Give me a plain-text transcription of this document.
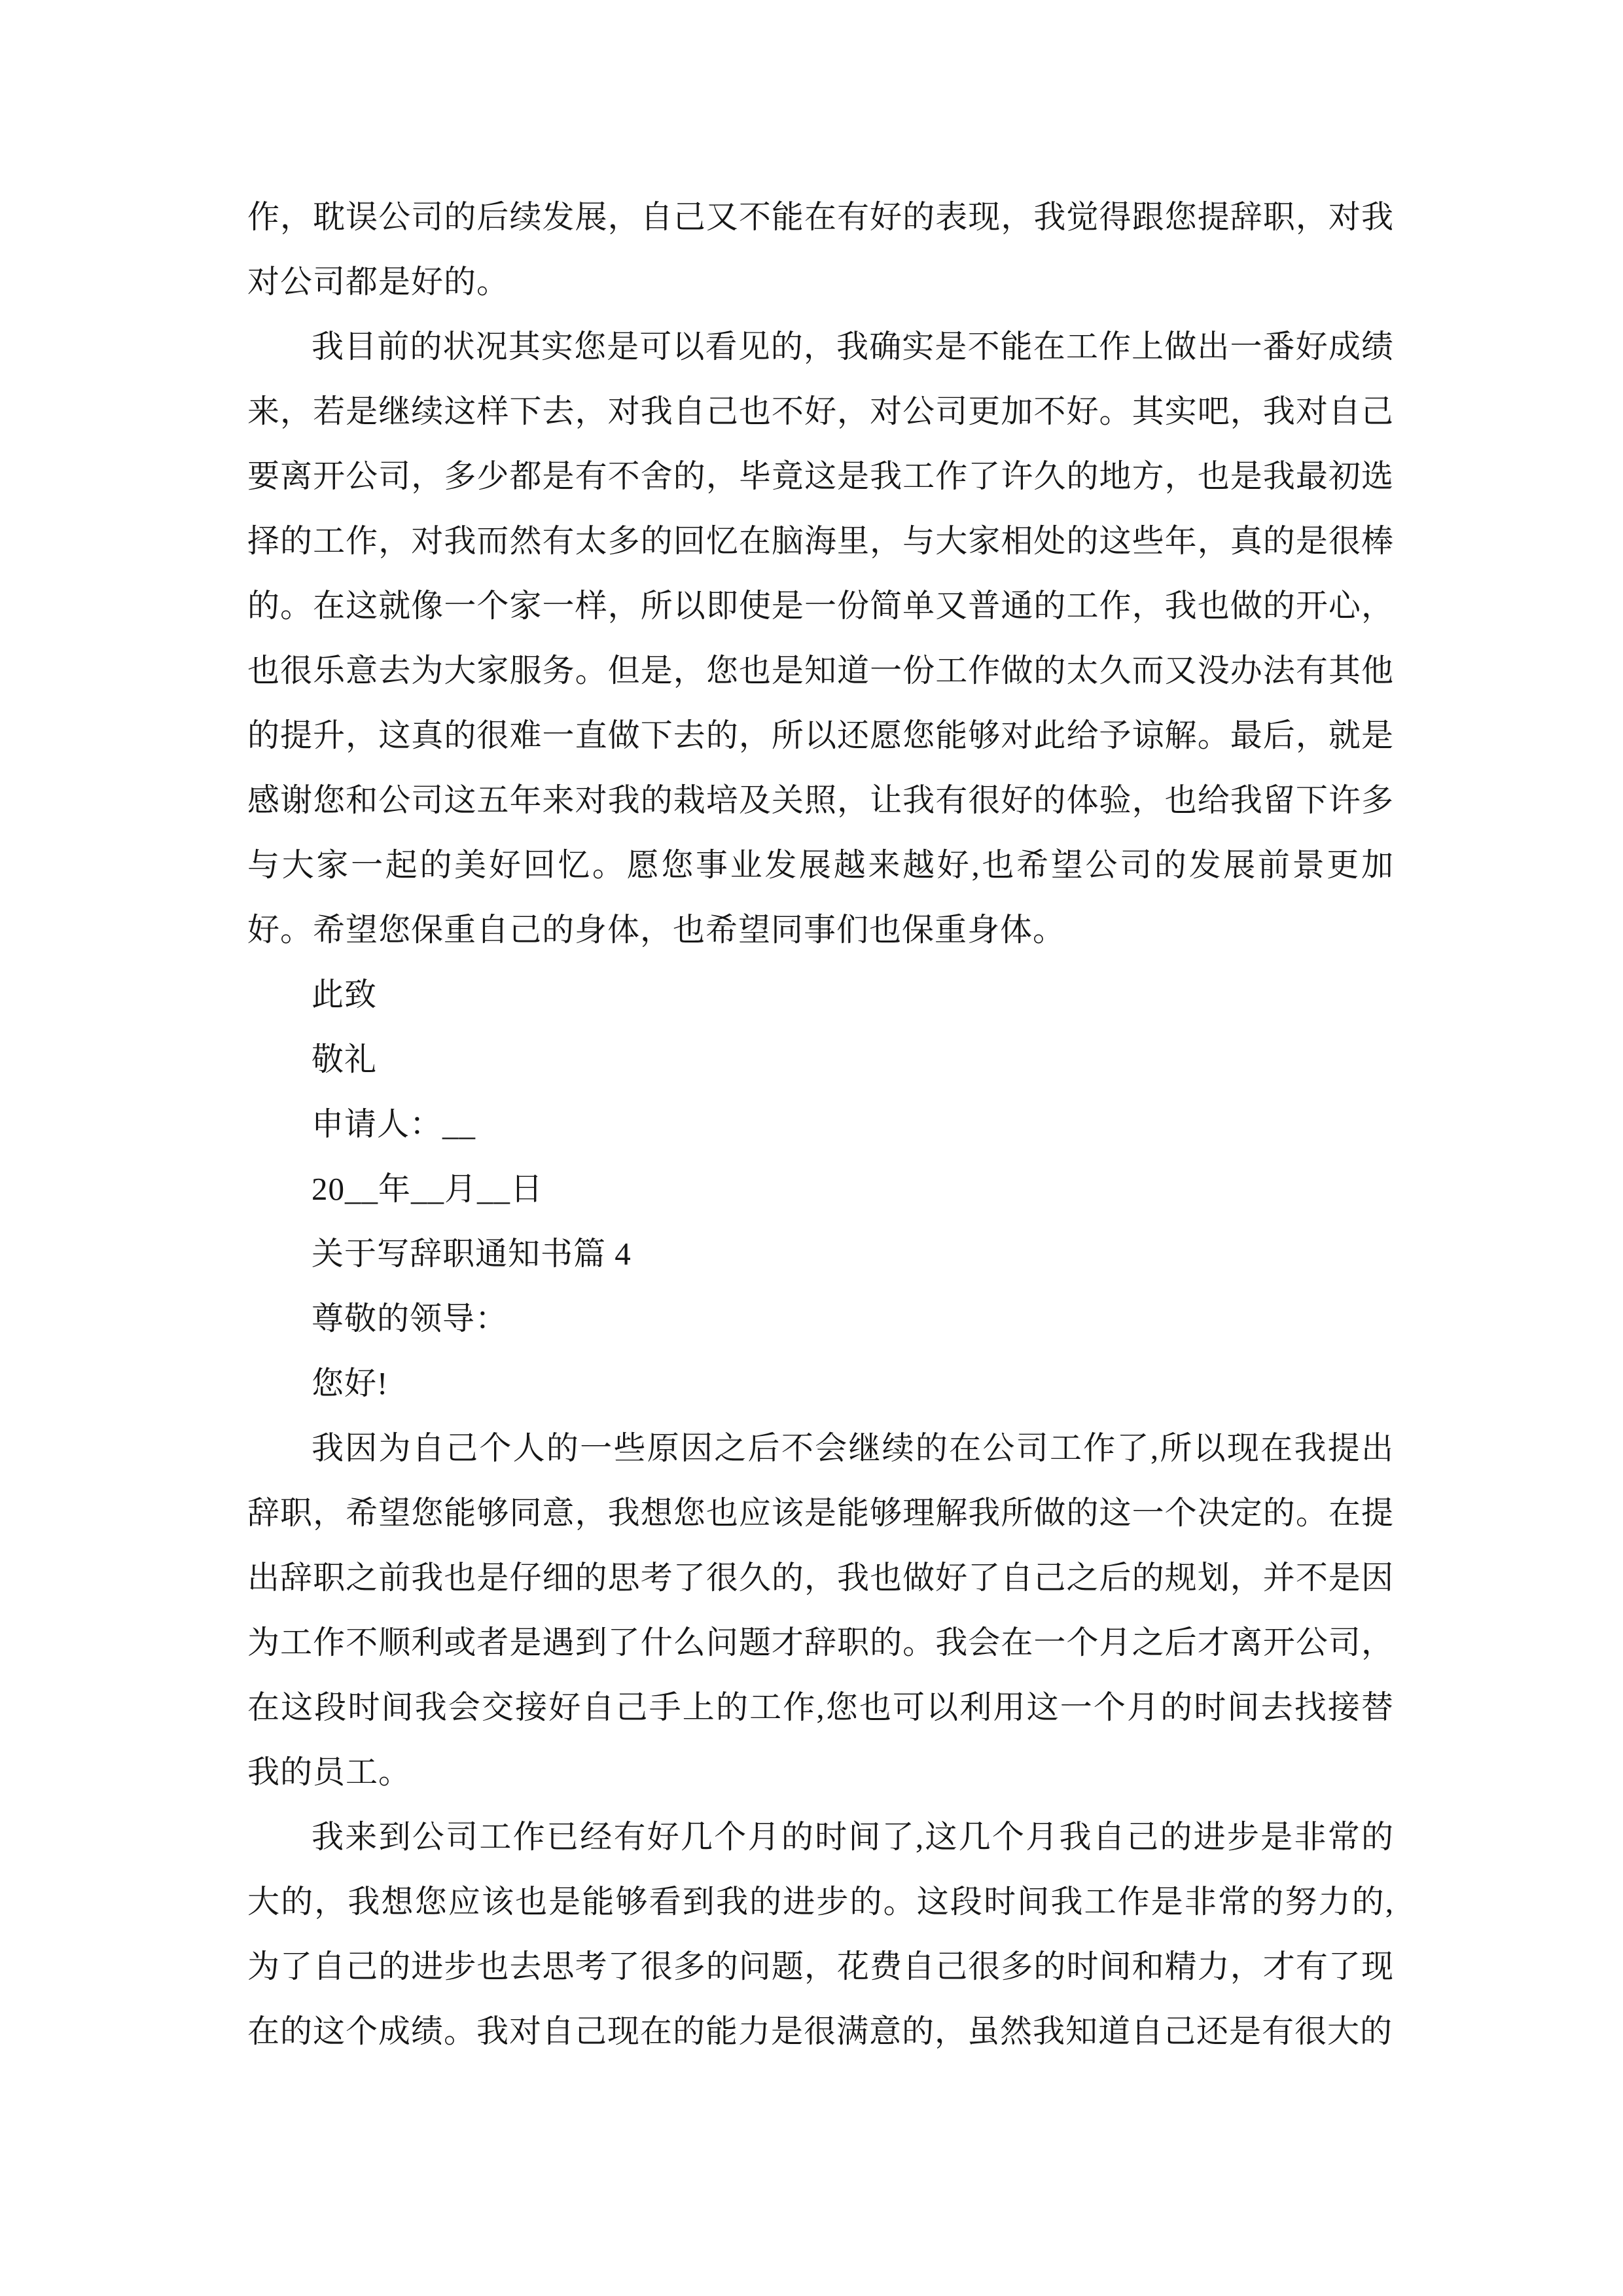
作，耽误公司的后续发展，自己又不能在有好的表现，我觉得跟您提辞职，对我对公司都是好的。

我目前的状况其实您是可以看见的，我确实是不能在工作上做出一番好成绩来，若是继续这样下去，对我自己也不好，对公司更加不好。其实吧，我对自己要离开公司，多少都是有不舍的，毕竟这是我工作了许久的地方，也是我最初选择的工作，对我而然有太多的回忆在脑海里，与大家相处的这些年，真的是很棒的。在这就像一个家一样，所以即使是一份简单又普通的工作，我也做的开心，也很乐意去为大家服务。但是，您也是知道一份工作做的太久而又没办法有其他的提升，这真的很难一直做下去的，所以还愿您能够对此给予谅解。最后，就是感谢您和公司这五年来对我的栽培及关照，让我有很好的体验，也给我留下许多与大家一起的美好回忆。愿您事业发展越来越好,也希望公司的发展前景更加好。希望您保重自己的身体，也希望同事们也保重身体。

此致

敬礼

申请人：__

20__年__月__日

关于写辞职通知书篇 4

尊敬的领导：

您好!

我因为自己个人的一些原因之后不会继续的在公司工作了,所以现在我提出辞职，希望您能够同意，我想您也应该是能够理解我所做的这一个决定的。在提出辞职之前我也是仔细的思考了很久的，我也做好了自己之后的规划，并不是因为工作不顺利或者是遇到了什么问题才辞职的。我会在一个月之后才离开公司，在这段时间我会交接好自己手上的工作,您也可以利用这一个月的时间去找接替我的员工。

我来到公司工作已经有好几个月的时间了,这几个月我自己的进步是非常的大的，我想您应该也是能够看到我的进步的。这段时间我工作是非常的努力的,为了自己的进步也去思考了很多的问题，花费自己很多的时间和精力，才有了现在的这个成绩。我对自己现在的能力是很满意的，虽然我知道自己还是有很大的
